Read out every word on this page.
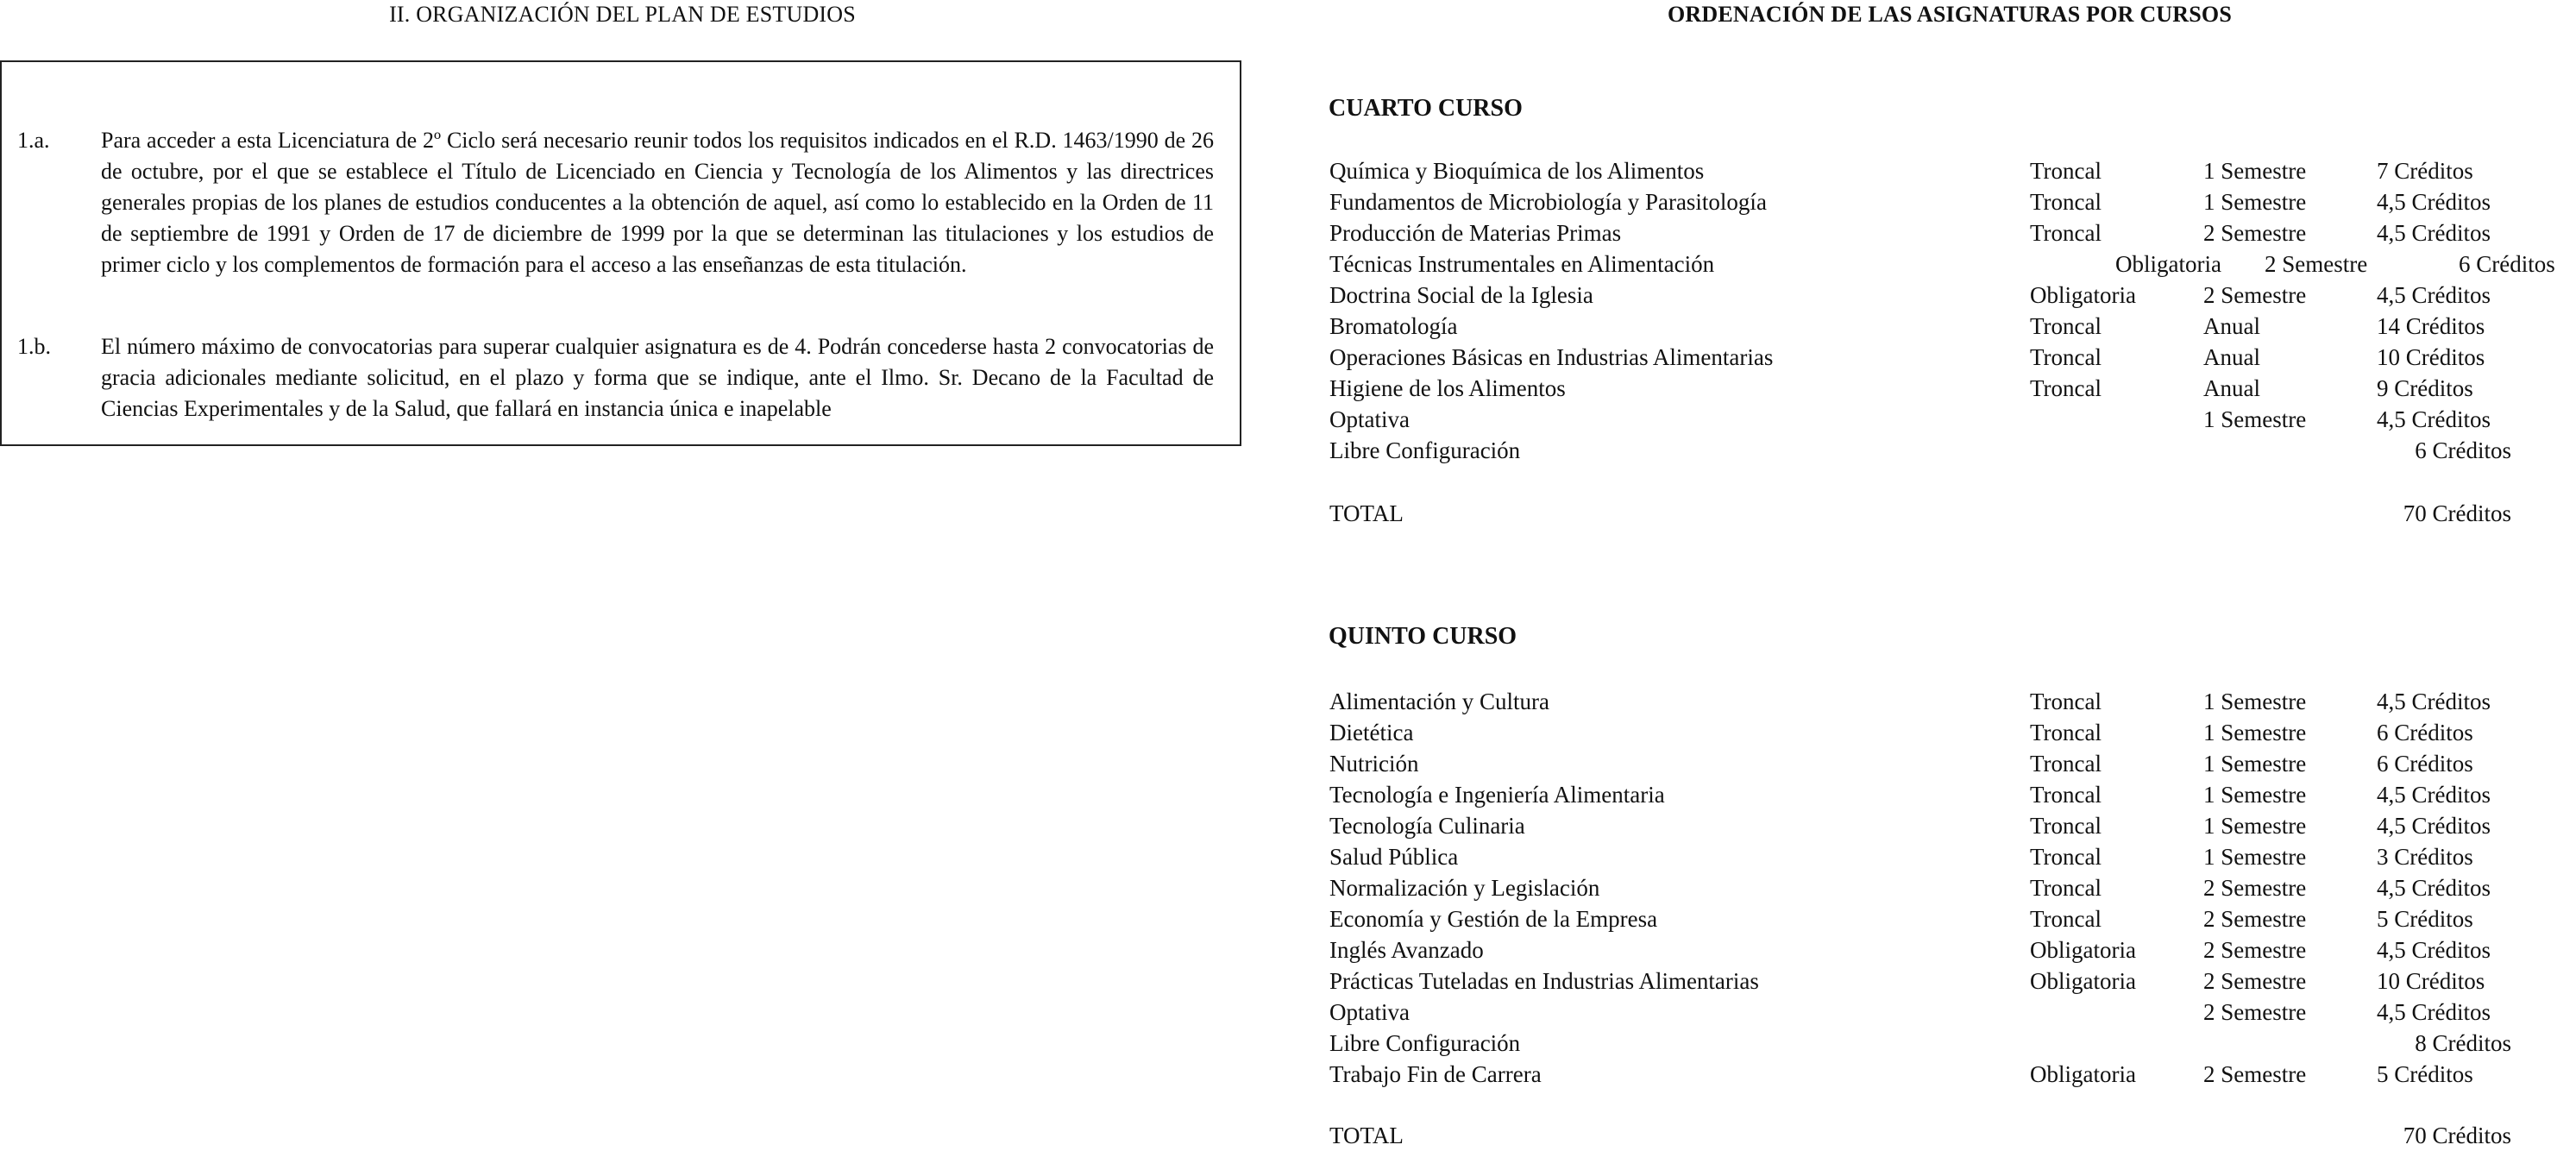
II. ORGANIZACIÓN DEL PLAN DE ESTUDIOS
1.a. Para acceder a esta Licenciatura de 2º Ciclo será necesario reunir todos los requisitos indicados en el R.D. 1463/1990 de 26 de octubre, por el que se establece el Título de Licenciado en Ciencia y Tecnología de los Alimentos y las directrices generales propias de los planes de estudios conducentes a la obtención de aquel, así como lo establecido en la Orden de 11 de septiembre de 1991 y Orden de 17 de diciembre de 1999 por la que se determinan las titulaciones y los estudios de primer ciclo y los complementos de formación para el acceso a las enseñanzas de esta titulación.
1.b. El número máximo de convocatorias para superar cualquier asignatura es de 4. Podrán concederse hasta 2 convocatorias de gracia adicionales mediante solicitud, en el plazo y forma que se indique, ante el Ilmo. Sr. Decano de la Facultad de Ciencias Experimentales y de la Salud, que fallará en instancia única e inapelable
ORDENACIÓN DE LAS ASIGNATURAS POR CURSOS
CUARTO CURSO
Química y Bioquímica de los Alimentos	Troncal	1 Semestre	7 Créditos
Fundamentos de Microbiología y Parasitología	Troncal	1 Semestre	4,5 Créditos
Producción de Materias Primas	Troncal	2 Semestre	4,5 Créditos
Técnicas Instrumentales en Alimentación	Obligatoria 2 Semestre	6 Créditos
Doctrina Social de la Iglesia	Obligatoria	2 Semestre	4,5 Créditos
Bromatología	Troncal	Anual	14 Créditos
Operaciones Básicas en Industrias Alimentarias	Troncal	Anual	10 Créditos
Higiene de los Alimentos	Troncal	Anual	9 Créditos
Optativa	1 Semestre	4,5 Créditos
Libre Configuración	6 Créditos
TOTAL	70 Créditos
QUINTO CURSO
Alimentación y Cultura	Troncal	1 Semestre	4,5 Créditos
Dietética	Troncal	1 Semestre	6 Créditos
Nutrición	Troncal	1 Semestre	6 Créditos
Tecnología e Ingeniería Alimentaria	Troncal	1 Semestre	4,5 Créditos
Tecnología Culinaria	Troncal	1 Semestre	4,5 Créditos
Salud Pública	Troncal	1 Semestre	3 Créditos
Normalización y Legislación	Troncal	2 Semestre	4,5 Créditos
Economía y Gestión de la Empresa	Troncal	2 Semestre	5 Créditos
Inglés Avanzado	Obligatoria	2 Semestre	4,5 Créditos
Prácticas Tuteladas en Industrias Alimentarias	Obligatoria	2 Semestre	10 Créditos
Optativa	2 Semestre	4,5 Créditos
Libre Configuración	8 Créditos
Trabajo Fin de Carrera	Obligatoria	2 Semestre	5 Créditos
TOTAL	70 Créditos
